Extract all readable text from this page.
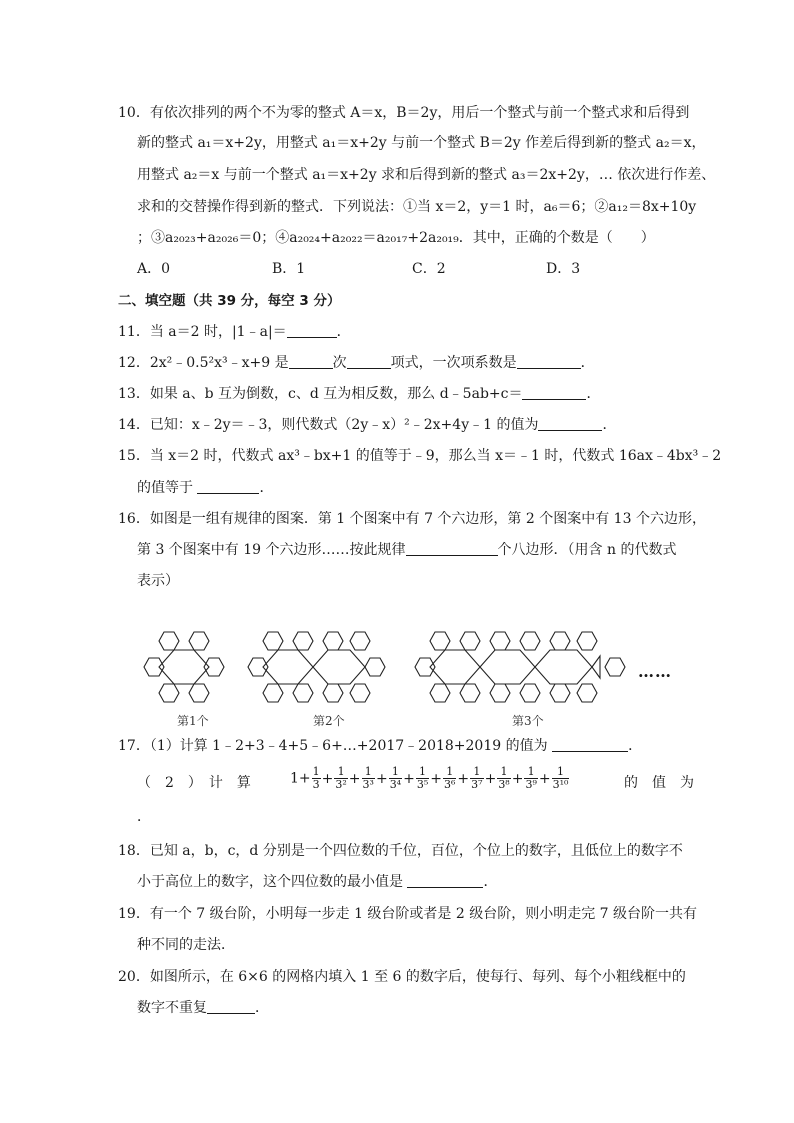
10．有依次排列的两个不为零的整式 A＝x，B＝2y，用后一个整式与前一个整式求和后得到
新的整式 a₁＝x+2y，用整式 a₁＝x+2y 与前一个整式 B＝2y 作差后得到新的整式 a₂＝x，
用整式 a₂＝x 与前一个整式 a₁＝x+2y 求和后得到新的整式 a₃＝2x+2y，… 依次进行作差、
求和的交替操作得到新的整式．下列说法：①当 x＝2，y＝1 时，a₆＝6；②a₁₂＝8x+10y
；③a₂₀₂₃+a₂₀₂₆＝0；④a₂₀₂₄+a₂₀₂₂＝a₂₀₁₇+2a₂₀₁₉．其中，正确的个数是（　　）
A．0	B．1	C．2	D．3
二、填空题（共 39 分，每空 3 分）
11．当 a＝2 时，|1﹣a|＝	．
12．2x²﹣0.5²x³﹣x+9 是	次	项式，一次项系数是	．
13．如果 a、b 互为倒数，c、d 互为相反数，那么 d﹣5ab+c＝	．
14．已知：x﹣2y＝﹣3，则代数式（2y﹣x）²﹣2x+4y﹣1 的值为	．
15．当 x＝2 时，代数式 ax³﹣bx+1 的值等于﹣9，那么当 x＝﹣1 时，代数式 16ax﹣4bx³﹣2
的值等于	．
16．如图是一组有规律的图案．第 1 个图案中有 7 个六边形，第 2 个图案中有 13 个六边形，
第 3 个图案中有 19 个六边形……按此规律	个八边形．（用含 n 的代数式
表示）
……
第1个	第2个	第3个
17．（1）计算 1﹣2+3﹣4+5﹣6+…+2017﹣2018+2019 的值为	．
（　2　）　计　算	$1+ \frac{1}{3} + \frac{1}{\text{3²}} + \frac{1}{\text{3³}} + \frac{1}{\text{3⁴}} + \frac{1}{\text{3⁵}} + \frac{1}{\text{3⁶}} + \frac{1}{\text{3⁷}} + \frac{1}{\text{3⁸}} + \frac{1}{\text{3⁹}} + \frac{1}{\text{3¹⁰}}$	的　值　为
．
18．已知 a，b，c，d 分别是一个四位数的千位，百位，个位上的数字，且低位上的数字不
小于高位上的数字，这个四位数的最小值是	．
19．有一个 7 级台阶，小明每一步走 1 级台阶或者是 2 级台阶，则小明走完 7 级台阶一共有
种不同的走法．
20．如图所示，在 6×6 的网格内填入 1 至 6 的数字后，使每行、每列、每个小粗线框中的
数字不重复	．
